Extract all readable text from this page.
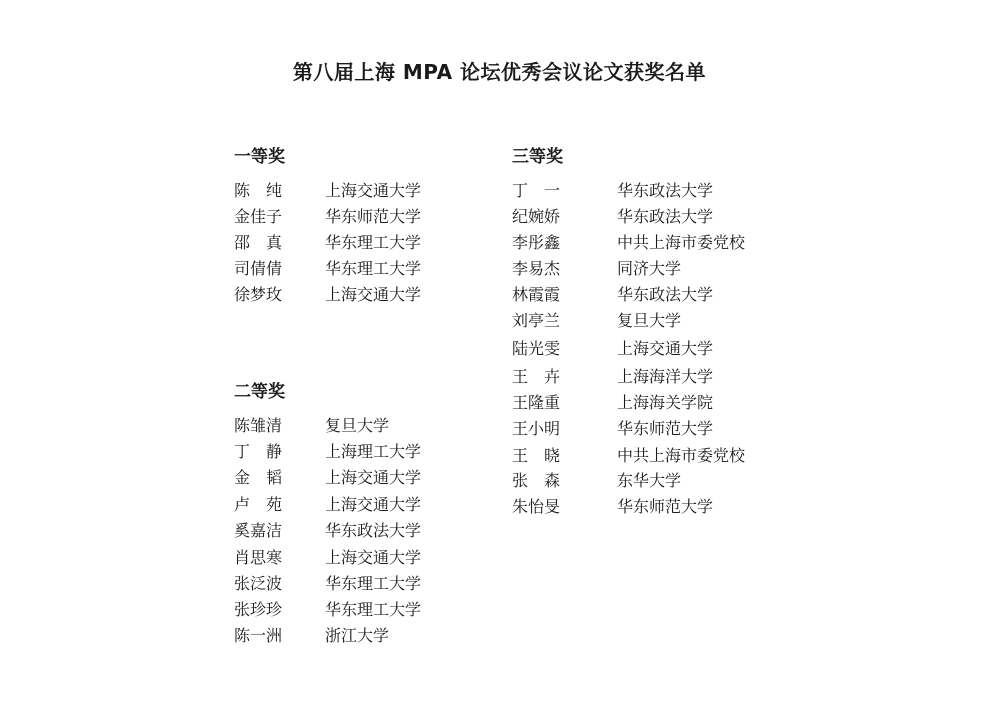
第八届上海 MPA 论坛优秀会议论文获奖名单
一等奖
陈　纯	上海交通大学
金佳子	华东师范大学
邵　真	华东理工大学
司倩倩	华东理工大学
徐梦玫	上海交通大学
二等奖
陈雏清	复旦大学
丁　静	上海理工大学
金　韬	上海交通大学
卢　苑	上海交通大学
奚嘉洁	华东政法大学
肖思寒	上海交通大学
张泛波	华东理工大学
张珍珍	华东理工大学
陈一洲	浙江大学
三等奖
丁　一	华东政法大学
纪婉娇	华东政法大学
李彤鑫	中共上海市委党校
李易杰	同济大学
林霞霞	华东政法大学
刘亭兰	复旦大学
陆光雯	上海交通大学
王　卉	上海海洋大学
王隆重	上海海关学院
王小明	华东师范大学
王　晓	中共上海市委党校
张　森	东华大学
朱怡旻	华东师范大学
